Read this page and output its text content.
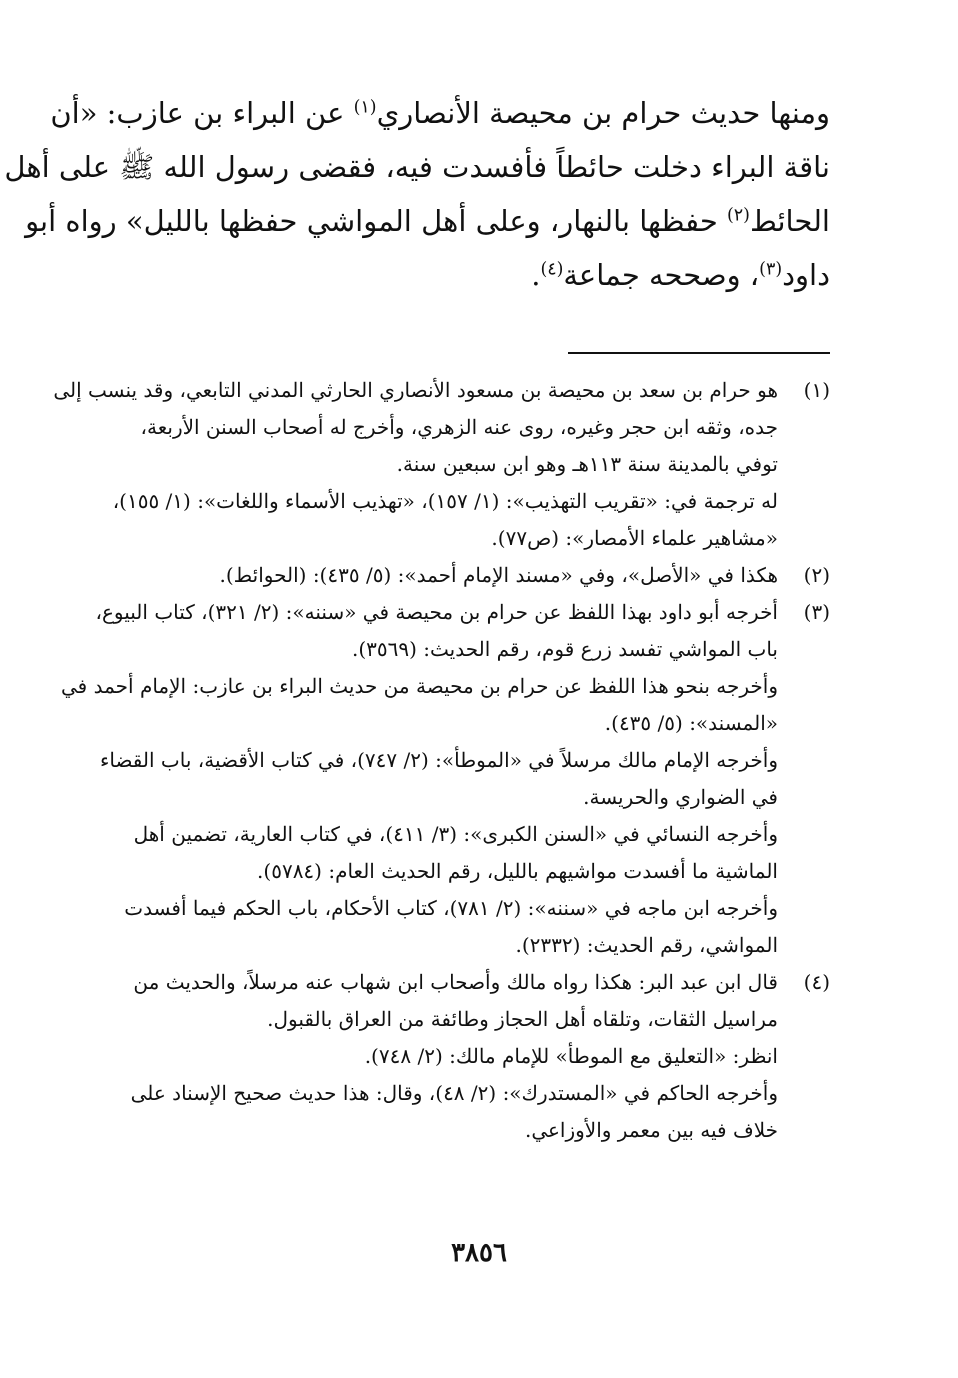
ومنها حديث حرام بن محيصة الأنصاري$^{(١)}$ عن البراء بن عازب: «أن
ناقة البراء دخلت حائطاً فأفسدت فيه، فقضى رسول الله ﷺ على أهل
الحائط$^{(٢)}$ حفظها بالنهار، وعلى أهل المواشي حفظها بالليل» رواه أبو
داود$^{(٣)}$، وصححه جماعة$^{(٤)}$.
(١)
هو حرام بن سعد بن محيصة بن مسعود الأنصاري الحارثي المدني التابعي، وقد ينسب إلى
جده، وثقه ابن حجر وغيره، روى عنه الزهري، وأخرج له أصحاب السنن الأربعة،
توفي بالمدينة سنة ١١٣هـ وهو ابن سبعين سنة.
له ترجمة في: «تقريب التهذيب»: (١/ ١٥٧)، «تهذيب الأسماء واللغات»: (١/ ١٥٥)،
«مشاهير علماء الأمصار»: (ص٧٧).
(٢)
هكذا في «الأصل»، وفي «مسند الإمام أحمد»: (٥/ ٤٣٥): (الحوائط).
(٣)
أخرجه أبو داود بهذا اللفظ عن حرام بن محيصة في «سننه»: (٢/ ٣٢١)، كتاب البيوع،
باب المواشي تفسد زرع قوم، رقم الحديث: (٣٥٦٩).
وأخرجه بنحو هذا اللفظ عن حرام بن محيصة من حديث البراء بن عازب: الإمام أحمد في
«المسند»: (٥/ ٤٣٥).
وأخرجه الإمام مالك مرسلاً في «الموطأ»: (٢/ ٧٤٧)، في كتاب الأقضية، باب القضاء
في الضواري والحريسة.
وأخرجه النسائي في «السنن الكبرى»: (٣/ ٤١١)، في كتاب العارية، تضمين أهل
الماشية ما أفسدت مواشيهم بالليل، رقم الحديث العام: (٥٧٨٤).
وأخرجه ابن ماجه في «سننه»: (٢/ ٧٨١)، كتاب الأحكام، باب الحكم فيما أفسدت
المواشي، رقم الحديث: (٢٣٣٢).
(٤)
قال ابن عبد البر: هكذا رواه مالك وأصحاب ابن شهاب عنه مرسلاً، والحديث من
مراسيل الثقات، وتلقاه أهل الحجاز وطائفة من العراق بالقبول.
انظر: «التعليق مع الموطأ» للإمام مالك: (٢/ ٧٤٨).
وأخرجه الحاكم في «المستدرك»: (٢/ ٤٨)، وقال: هذا حديث صحيح الإسناد على
خلاف فيه بين معمر والأوزاعي.
٣٨٥٦
